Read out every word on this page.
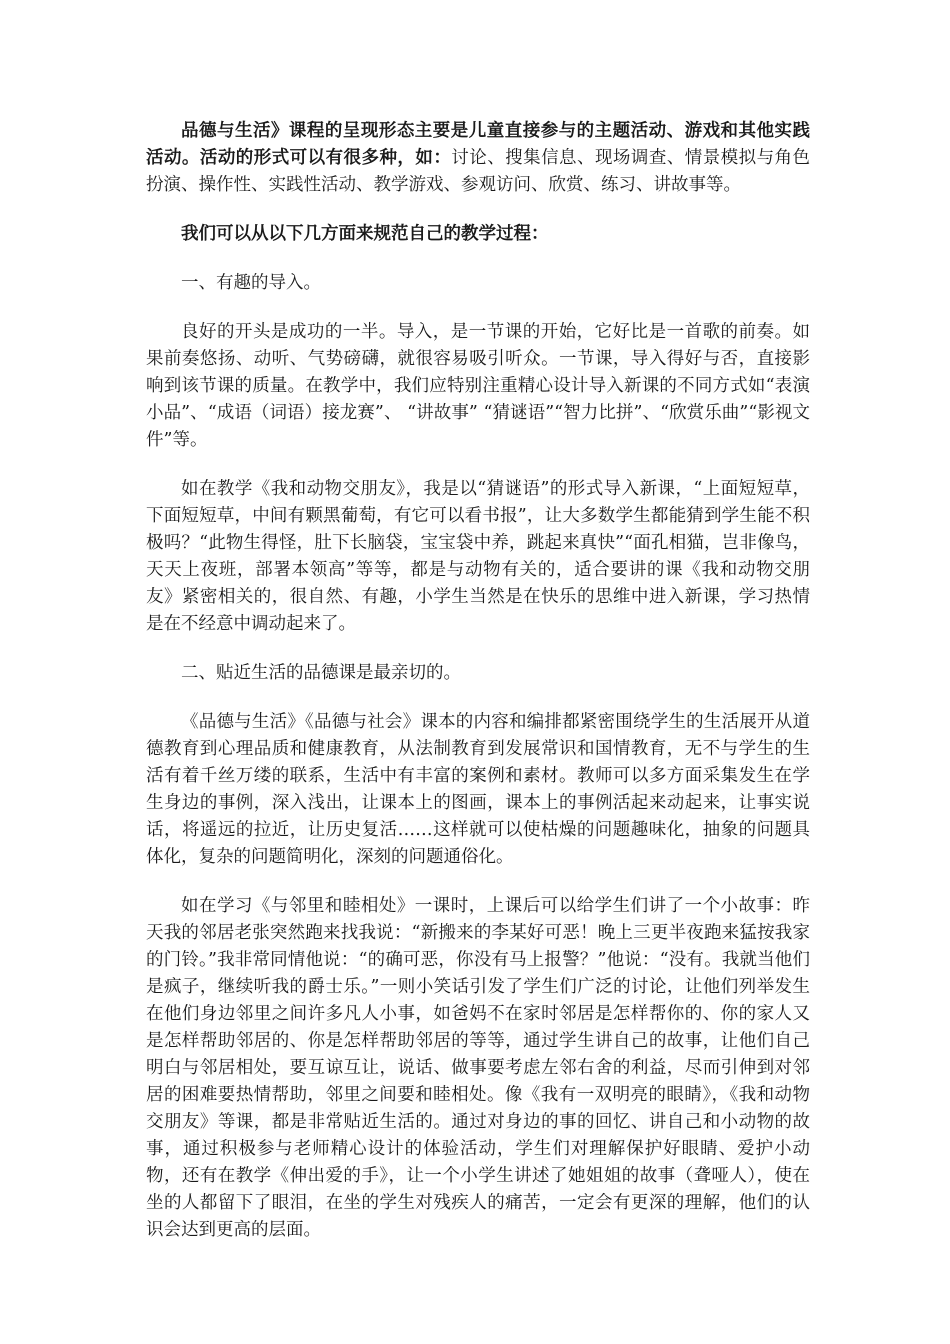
品德与生活》课程的呈现形态主要是儿童直接参与的主题活动、游戏和其他实践活动。活动的形式可以有很多种，如：讨论、搜集信息、现场调查、情景模拟与角色扮演、操作性、实践性活动、教学游戏、参观访问、欣赏、练习、讲故事等。

我们可以从以下几方面来规范自己的教学过程：

一、有趣的导入。

良好的开头是成功的一半。导入，是一节课的开始，它好比是一首歌的前奏。如果前奏悠扬、动听、气势磅礴，就很容易吸引听众。一节课，导入得好与否，直接影响到该节课的质量。在教学中，我们应特别注重精心设计导入新课的不同方式如“表演小品”、“成语（词语）接龙赛”、 “讲故事” “猜谜语”“智力比拼”、“欣赏乐曲”“影视文件”等。

如在教学《我和动物交朋友》，我是以“猜谜语”的形式导入新课，“上面短短草，下面短短草，中间有颗黑葡萄，有它可以看书报”，让大多数学生都能猜到学生能不积极吗？“此物生得怪，肚下长脑袋，宝宝袋中养，跳起来真快”“面孔相猫，岂非像鸟，天天上夜班，部署本领高”等等，都是与动物有关的，适合要讲的课《我和动物交朋友》紧密相关的，很自然、有趣，小学生当然是在快乐的思维中进入新课，学习热情是在不经意中调动起来了。

二、贴近生活的品德课是最亲切的。

《品德与生活》《品德与社会》课本的内容和编排都紧密围绕学生的生活展开从道德教育到心理品质和健康教育，从法制教育到发展常识和国情教育，无不与学生的生活有着千丝万缕的联系，生活中有丰富的案例和素材。教师可以多方面采集发生在学生身边的事例，深入浅出，让课本上的图画，课本上的事例活起来动起来，让事实说话，将遥远的拉近，让历史复活……这样就可以使枯燥的问题趣味化，抽象的问题具体化，复杂的问题简明化，深刻的问题通俗化。

如在学习《与邻里和睦相处》一课时，上课后可以给学生们讲了一个小故事：昨天我的邻居老张突然跑来找我说：“新搬来的李某好可恶！晚上三更半夜跑来猛按我家的门铃。”我非常同情他说：“的确可恶，你没有马上报警？”他说：“没有。我就当他们是疯子，继续听我的爵士乐。”一则小笑话引发了学生们广泛的讨论，让他们列举发生在他们身边邻里之间许多凡人小事，如爸妈不在家时邻居是怎样帮你的、你的家人又是怎样帮助邻居的、你是怎样帮助邻居的等等，通过学生讲自己的故事，让他们自己明白与邻居相处，要互谅互让，说话、做事要考虑左邻右舍的利益，尽而引伸到对邻居的困难要热情帮助，邻里之间要和睦相处。像《我有一双明亮的眼睛》，《我和动物交朋友》等课，都是非常贴近生活的。通过对身边的事的回忆、讲自己和小动物的故事，通过积极参与老师精心设计的体验活动，学生们对理解保护好眼睛、爱护小动物，还有在教学《伸出爱的手》，让一个小学生讲述了她姐姐的故事（聋哑人），使在坐的人都留下了眼泪，在坐的学生对残疾人的痛苦，一定会有更深的理解，他们的认识会达到更高的层面。
